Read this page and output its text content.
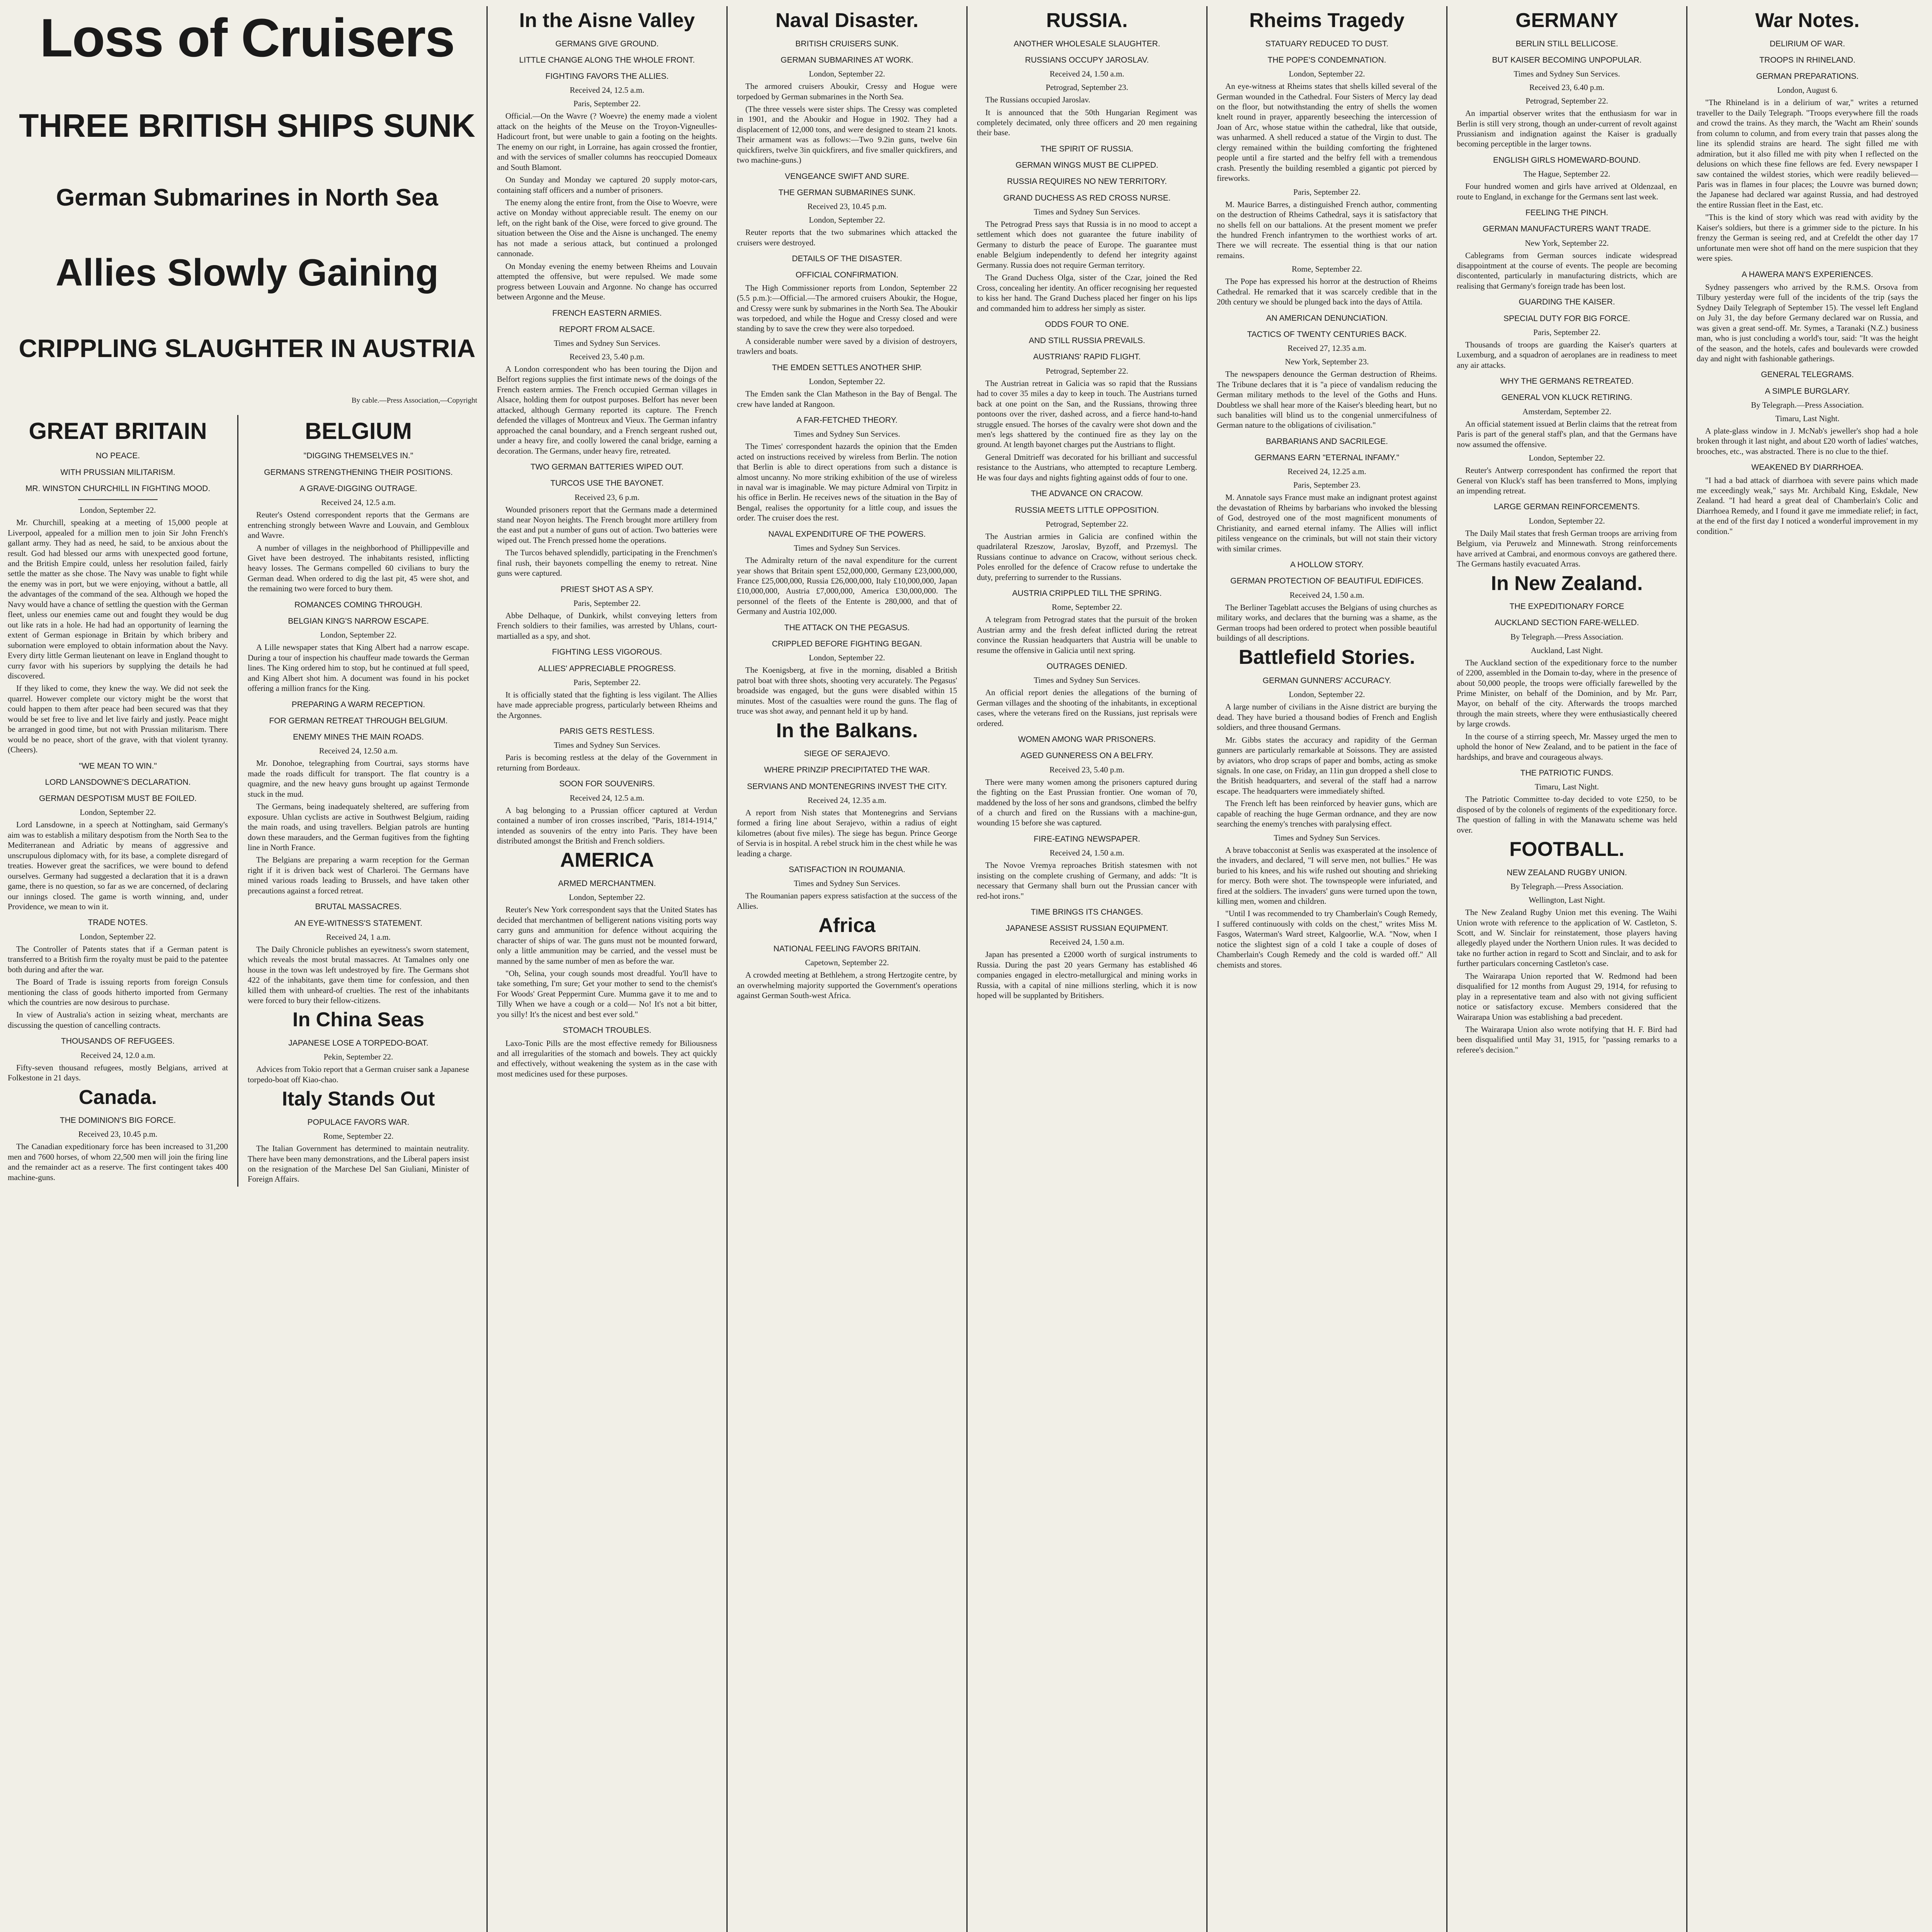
Loss of Cruisers
THREE BRITISH SHIPS SUNK
German Submarines in North Sea
Allies Slowly Gaining
CRIPPLING SLAUGHTER IN AUSTRIA
By cable.—Press Association,—Copyright
GREAT BRITAIN
NO PEACE.
WITH PRUSSIAN MILITARISM.
MR. WINSTON CHURCHILL IN FIGHTING MOOD.
London, September 22.

Mr. Churchill, speaking at a meeting of 15,000 people at Liverpool, appealed for a million men to join Sir John French's gallant army. They had as need, he said, to be anxious about the result. God had blessed our arms with unexpected good fortune, and the British Empire could, unless her resolution failed, fairly settle the matter as she chose. The Navy was unable to fight while the enemy was in port, but we were enjoying, without a battle, all the advantages of the command of the sea. Although we hoped the Navy would have a chance of settling the question with the German fleet, unless our enemies came out and fought they would be dug out like rats in a hole. He had had an opportunity of learning the extent of German espionage in Britain by which bribery and subornation were employed to obtain information about the Navy. Every dirty little German lieutenant on leave in England thought to curry favor with his superiors by supplying the details he had discovered.

If they liked to come, they knew the way. We did not seek the quarrel. However complete our victory might be the worst that could happen to them after peace had been secured was that they would be set free to live and let live fairly and justly. Peace might be arranged in good time, but not with Prussian militarism. There would be no peace, short of the grave, with that violent tyranny. (Cheers).

"WE MEAN TO WIN."
LORD LANSDOWNE'S DECLARATION.
GERMAN DESPOTISM MUST BE FOILED.
London, September 22.

Lord Lansdowne, in a speech at Nottingham, said Germany's aim was to establish a military despotism from the North Sea to the Mediterranean and Adriatic by means of aggressive and unscrupulous diplomacy with, for its base, a complete disregard of treaties. However great the sacrifices, we were bound to defend ourselves. Germany had suggested a declaration that it is a drawn game, there is no question, so far as we are concerned, of declaring our innings closed. The game is worth winning, and, under Providence, we mean to win it.

TRADE NOTES.
London, September 22.

The Controller of Patents states that if a German patent is transferred to a British firm the royalty must be paid to the patentee both during and after the war.

The Board of Trade is issuing reports from foreign Consuls mentioning the class of goods hitherto imported from Germany which the countries are now desirous to purchase.

In view of Australia's action in seizing wheat, merchants are discussing the question of cancelling contracts.

THOUSANDS OF REFUGEES.
Received 24, 12.0 a.m.

Fifty-seven thousand refugees, mostly Belgians, arrived at Folkestone in 21 days.

Canada.
THE DOMINION'S BIG FORCE.
Received 23, 10.45 p.m.

The Canadian expeditionary force has been increased to 31,200 men and 7600 horses, of whom 22,500 men will join the firing line and the remainder act as a reserve. The first contingent takes 400 machine-guns.

BELGIUM
"DIGGING THEMSELVES IN."
GERMANS STRENGTHENING THEIR POSITIONS.
A GRAVE-DIGGING OUTRAGE.
Received 24, 12.5 a.m.

Reuter's Ostend correspondent reports that the Germans are entrenching strongly between Wavre and Louvain, and Gembloux and Wavre.

A number of villages in the neighborhood of Phillippeville and Givet have been destroyed. The inhabitants resisted, inflicting heavy losses. The Germans compelled 60 civilians to bury the German dead. When ordered to dig the last pit, 45 were shot, and the remaining two were forced to bury them.

ROMANCES COMING THROUGH.
BELGIAN KING'S NARROW ESCAPE.
London, September 22.

A Lille newspaper states that King Albert had a narrow escape. During a tour of inspection his chauffeur made towards the German lines. The King ordered him to stop, but he continued at full speed, and King Albert shot him. A document was found in his pocket offering a million francs for the King.

PREPARING A WARM RECEPTION.
FOR GERMAN RETREAT THROUGH BELGIUM.
ENEMY MINES THE MAIN ROADS.
Received 24, 12.50 a.m.

Mr. Donohoe, telegraphing from Courtrai, says storms have made the roads difficult for transport. The flat country is a quagmire, and the new heavy guns brought up against Termonde stuck in the mud.

The Germans, being inadequately sheltered, are suffering from exposure. Uhlan cyclists are active in Southwest Belgium, raiding the main roads, and using travellers. Belgian patrols are hunting down these marauders, and the German fugitives from the fighting line in North France.

The Belgians are preparing a warm reception for the German right if it is driven back west of Charleroi. The Germans have mined various roads leading to Brussels, and have taken other precautions against a forced retreat.

BRUTAL MASSACRES.
AN EYE-WITNESS'S STATEMENT.
Received 24, 1 a.m.

The Daily Chronicle publishes an eyewitness's sworn statement, which reveals the most brutal massacres. At Tamalnes only one house in the town was left undestroyed by fire. The Germans shot 422 of the inhabitants, gave them time for confession, and then killed them with unheard-of cruelties. The rest of the inhabitants were forced to bury their fellow-citizens.

In China Seas
JAPANESE LOSE A TORPEDO-BOAT.
Pekin, September 22.

Advices from Tokio report that a German cruiser sank a Japanese torpedo-boat off Kiao-chao.

Italy Stands Out
POPULACE FAVORS WAR.
Rome, September 22.

The Italian Government has determined to maintain neutrality. There have been many demonstrations, and the Liberal papers insist on the resignation of the Marchese Del San Giuliani, Minister of Foreign Affairs.

In the Aisne Valley
GERMANS GIVE GROUND.
LITTLE CHANGE ALONG THE WHOLE FRONT.
FIGHTING FAVORS THE ALLIES.
Received 24, 12.5 a.m.
Paris, September 22.

Official.—On the Wavre (? Woevre) the enemy made a violent attack on the heights of the Meuse on the Troyon-Vigneulles-Hadicourt front, but were unable to gain a footing on the heights. The enemy on our right, in Lorraine, has again crossed the frontier, and with the services of smaller columns has reoccupied Domeaux and South Blamont.

On Sunday and Monday we captured 20 supply motor-cars, containing staff officers and a number of prisoners.

The enemy along the entire front, from the Oise to Woevre, were active on Monday without appreciable result. The enemy on our left, on the right bank of the Oise, were forced to give ground. The situation between the Oise and the Aisne is unchanged. The enemy has not made a serious attack, but continued a prolonged cannonade.

On Monday evening the enemy between Rheims and Louvain attempted the offensive, but were repulsed. We made some progress between Louvain and Argonne. No change has occurred between Argonne and the Meuse.

FRENCH EASTERN ARMIES.
REPORT FROM ALSACE.
Times and Sydney Sun Services.
Received 23, 5.40 p.m.

A London correspondent who has been touring the Dijon and Belfort regions supplies the first intimate news of the doings of the French eastern armies. The French occupied German villages in Alsace, holding them for outpost purposes. Belfort has never been attacked, although Germany reported its capture. The French defended the villages of Montreux and Vieux. The German infantry approached the canal boundary, and a French sergeant rushed out, under a heavy fire, and coolly lowered the canal bridge, earning a decoration. The Germans, under heavy fire, retreated.

TWO GERMAN BATTERIES WIPED OUT.
TURCOS USE THE BAYONET.
Received 23, 6 p.m.

Wounded prisoners report that the Germans made a determined stand near Noyon heights. The French brought more artillery from the east and put a number of guns out of action. Two batteries were wiped out. The French pressed home the operations.

The Turcos behaved splendidly, participating in the Frenchmen's final rush, their bayonets compelling the enemy to retreat. Nine guns were captured.

PRIEST SHOT AS A SPY.
Paris, September 22.

Abbe Delhaque, of Dunkirk, whilst conveying letters from French soldiers to their families, was arrested by Uhlans, court-martialled as a spy, and shot.

FIGHTING LESS VIGOROUS.
ALLIES' APPRECIABLE PROGRESS.
Paris, September 22.

It is officially stated that the fighting is less vigilant. The Allies have made appreciable progress, particularly between Rheims and the Argonnes.

PARIS GETS RESTLESS.
Times and Sydney Sun Services.

Paris is becoming restless at the delay of the Government in returning from Bordeaux.

SOON FOR SOUVENIRS.
Received 24, 12.5 a.m.

A bag belonging to a Prussian officer captured at Verdun contained a number of iron crosses inscribed, "Paris, 1814-1914," intended as souvenirs of the entry into Paris. They have been distributed amongst the British and French soldiers.

AMERICA
ARMED MERCHANTMEN.
London, September 22.

Reuter's New York correspondent says that the United States has decided that merchantmen of belligerent nations visiting ports way carry guns and ammunition for defence without acquiring the character of ships of war. The guns must not be mounted forward, only a little ammunition may be carried, and the vessel must be manned by the same number of men as before the war.

"Oh, Selina, your cough sounds most dreadful. You'll have to take something, I'm sure; Get your mother to send to the chemist's For Woods' Great Peppermint Cure. Mumma gave it to me and to Tilly When we have a cough or a cold— No! It's not a bit bitter, you silly! It's the nicest and best ever sold."

STOMACH TROUBLES.

Laxo-Tonic Pills are the most effective remedy for Biliousness and all irregularities of the stomach and bowels. They act quickly and effectively, without weakening the system as in the case with most medicines used for these purposes.

Naval Disaster.
BRITISH CRUISERS SUNK.
GERMAN SUBMARINES AT WORK.
London, September 22.

The armored cruisers Aboukir, Cressy and Hogue were torpedoed by German submarines in the North Sea.

(The three vessels were sister ships. The Cressy was completed in 1901, and the Aboukir and Hogue in 1902. They had a displacement of 12,000 tons, and were designed to steam 21 knots. Their armament was as follows:—Two 9.2in guns, twelve 6in quickfirers, twelve 3in quickfirers, and five smaller quickfirers, and two machine-guns.)

VENGEANCE SWIFT AND SURE.
THE GERMAN SUBMARINES SUNK.
Received 23, 10.45 p.m.
London, September 22.

Reuter reports that the two submarines which attacked the cruisers were destroyed.

DETAILS OF THE DISASTER.
OFFICIAL CONFIRMATION.

The High Commissioner reports from London, September 22 (5.5 p.m.):—Official.—The armored cruisers Aboukir, the Hogue, and Cressy were sunk by submarines in the North Sea. The Aboukir was torpedoed, and while the Hogue and Cressy closed and were standing by to save the crew they were also torpedoed.

A considerable number were saved by a division of destroyers, trawlers and boats.

THE EMDEN SETTLES ANOTHER SHIP.
London, September 22.

The Emden sank the Clan Matheson in the Bay of Bengal. The crew have landed at Rangoon.

A FAR-FETCHED THEORY.
Times and Sydney Sun Services.

The Times' correspondent hazards the opinion that the Emden acted on instructions received by wireless from Berlin. The notion that Berlin is able to direct operations from such a distance is almost uncanny. No more striking exhibition of the use of wireless in naval war is imaginable. We may picture Admiral von Tirpitz in his office in Berlin. He receives news of the situation in the Bay of Bengal, realises the opportunity for a little coup, and issues the order. The cruiser does the rest.

NAVAL EXPENDITURE OF THE POWERS.
Times and Sydney Sun Services.

The Admiralty return of the naval expenditure for the current year shows that Britain spent £52,000,000, Germany £23,000,000, France £25,000,000, Russia £26,000,000, Italy £10,000,000, Japan £10,000,000, Austria £7,000,000, America £30,000,000. The personnel of the fleets of the Entente is 280,000, and that of Germany and Austria 102,000.

THE ATTACK ON THE PEGASUS.
CRIPPLED BEFORE FIGHTING BEGAN.
London, September 22.

The Koenigsberg, at five in the morning, disabled a British patrol boat with three shots, shooting very accurately. The Pegasus' broadside was engaged, but the guns were disabled within 15 minutes. Most of the casualties were round the guns. The flag of truce was shot away, and pennant held it up by hand.

In the Balkans.
SIEGE OF SERAJEVO.
WHERE PRINZIP PRECIPITATED THE WAR.
SERVIANS AND MONTENEGRINS INVEST THE CITY.
Received 24, 12.35 a.m.

A report from Nish states that Montenegrins and Servians formed a firing line about Serajevo, within a radius of eight kilometres (about five miles). The siege has begun. Prince George of Servia is in hospital. A rebel struck him in the chest while he was leading a charge.

SATISFACTION IN ROUMANIA.
Times and Sydney Sun Services.

The Roumanian papers express satisfaction at the success of the Allies.

Africa
NATIONAL FEELING FAVORS BRITAIN.
Capetown, September 22.

A crowded meeting at Bethlehem, a strong Hertzogite centre, by an overwhelming majority supported the Government's operations against German South-west Africa.

RUSSIA.
ANOTHER WHOLESALE SLAUGHTER.
RUSSIANS OCCUPY JAROSLAV.
Received 24, 1.50 a.m.
Petrograd, September 23.

The Russians occupied Jaroslav.

It is announced that the 50th Hungarian Regiment was completely decimated, only three officers and 20 men regaining their base.

THE SPIRIT OF RUSSIA.
GERMAN WINGS MUST BE CLIPPED.
RUSSIA REQUIRES NO NEW TERRITORY.
GRAND DUCHESS AS RED CROSS NURSE.
Times and Sydney Sun Services.

The Petrograd Press says that Russia is in no mood to accept a settlement which does not guarantee the future inability of Germany to disturb the peace of Europe. The guarantee must enable Belgium independently to defend her integrity against Germany. Russia does not require German territory.

The Grand Duchess Olga, sister of the Czar, joined the Red Cross, concealing her identity. An officer recognising her requested to kiss her hand. The Grand Duchess placed her finger on his lips and commanded him to address her simply as sister.

ODDS FOUR TO ONE.
AND STILL RUSSIA PREVAILS.
AUSTRIANS' RAPID FLIGHT.
Petrograd, September 22.

The Austrian retreat in Galicia was so rapid that the Russians had to cover 35 miles a day to keep in touch. The Austrians turned back at one point on the San, and the Russians, throwing three pontoons over the river, dashed across, and a fierce hand-to-hand struggle ensued. The horses of the cavalry were shot down and the men's legs shattered by the continued fire as they lay on the ground. At length bayonet charges put the Austrians to flight.

General Dmitrieff was decorated for his brilliant and successful resistance to the Austrians, who attempted to recapture Lemberg. He was four days and nights fighting against odds of four to one.

THE ADVANCE ON CRACOW.
RUSSIA MEETS LITTLE OPPOSITION.
Petrograd, September 22.

The Austrian armies in Galicia are confined within the quadrilateral Rzeszow, Jaroslav, Byzoff, and Przemysl. The Russians continue to advance on Cracow, without serious check. Poles enrolled for the defence of Cracow refuse to undertake the duty, preferring to surrender to the Russians.

AUSTRIA CRIPPLED TILL THE SPRING.
Rome, September 22.

A telegram from Petrograd states that the pursuit of the broken Austrian army and the fresh defeat inflicted during the retreat convince the Russian headquarters that Austria will be unable to resume the offensive in Galicia until next spring.

OUTRAGES DENIED.
Times and Sydney Sun Services.

An official report denies the allegations of the burning of German villages and the shooting of the inhabitants, in exceptional cases, where the veterans fired on the Russians, just reprisals were ordered.

WOMEN AMONG WAR PRISONERS.
AGED GUNNERESS ON A BELFRY.
Received 23, 5.40 p.m.

There were many women among the prisoners captured during the fighting on the East Prussian frontier. One woman of 70, maddened by the loss of her sons and grandsons, climbed the belfry of a church and fired on the Russians with a machine-gun, wounding 15 before she was captured.

FIRE-EATING NEWSPAPER.
Received 24, 1.50 a.m.

The Novoe Vremya reproaches British statesmen with not insisting on the complete crushing of Germany, and adds: "It is necessary that Germany shall burn out the Prussian cancer with red-hot irons."

TIME BRINGS ITS CHANGES.
JAPANESE ASSIST RUSSIAN EQUIPMENT.
Received 24, 1.50 a.m.

Japan has presented a £2000 worth of surgical instruments to Russia. During the past 20 years Germany has established 46 companies engaged in electro-metallurgical and mining works in Russia, with a capital of nine millions sterling, which it is now hoped will be supplanted by Britishers.

Rheims Tragedy
STATUARY REDUCED TO DUST.
THE POPE'S CONDEMNATION.
London, September 22.

An eye-witness at Rheims states that shells killed several of the German wounded in the Cathedral. Four Sisters of Mercy lay dead on the floor, but notwithstanding the entry of shells the women knelt round in prayer, apparently beseeching the intercession of Joan of Arc, whose statue within the cathedral, like that outside, was unharmed. A shell reduced a statue of the Virgin to dust. The clergy remained within the building comforting the frightened people until a fire started and the belfry fell with a tremendous crash. Presently the building resembled a gigantic pot pierced by fireworks.

Paris, September 22.

M. Maurice Barres, a distinguished French author, commenting on the destruction of Rheims Cathedral, says it is satisfactory that no shells fell on our battalions. At the present moment we prefer the hundred French infantrymen to the worthiest works of art. There we will recreate. The essential thing is that our nation remains.

Rome, September 22.

The Pope has expressed his horror at the destruction of Rheims Cathedral. He remarked that it was scarcely credible that in the 20th century we should be plunged back into the days of Attila.

AN AMERICAN DENUNCIATION.
TACTICS OF TWENTY CENTURIES BACK.
Received 27, 12.35 a.m.
New York, September 23.

The newspapers denounce the German destruction of Rheims. The Tribune declares that it is "a piece of vandalism reducing the German military methods to the level of the Goths and Huns. Doubtless we shall hear more of the Kaiser's bleeding heart, but no such banalities will blind us to the congenial unmercifulness of German nature to the obligations of civilisation."

BARBARIANS AND SACRILEGE.
GERMANS EARN "ETERNAL INFAMY."
Received 24, 12.25 a.m.
Paris, September 23.

M. Annatole says France must make an indignant protest against the devastation of Rheims by barbarians who invoked the blessing of God, destroyed one of the most magnificent monuments of Christianity, and earned eternal infamy. The Allies will inflict pitiless vengeance on the criminals, but will not stain their victory with similar crimes.

A HOLLOW STORY.
GERMAN PROTECTION OF BEAUTIFUL EDIFICES.
Received 24, 1.50 a.m.

The Berliner Tageblatt accuses the Belgians of using churches as military works, and declares that the burning was a shame, as the German troops had been ordered to protect when possible beautiful buildings of all descriptions.

Battlefield Stories.
GERMAN GUNNERS' ACCURACY.
London, September 22.

A large number of civilians in the Aisne district are burying the dead. They have buried a thousand bodies of French and English soldiers, and three thousand Germans.

Mr. Gibbs states the accuracy and rapidity of the German gunners are particularly remarkable at Soissons. They are assisted by aviators, who drop scraps of paper and bombs, acting as smoke signals. In one case, on Friday, an 11in gun dropped a shell close to the British headquarters, and several of the staff had a narrow escape. The headquarters were immediately shifted.

The French left has been reinforced by heavier guns, which are capable of reaching the huge German ordnance, and they are now searching the enemy's trenches with paralysing effect.

Times and Sydney Sun Services.

A brave tobacconist at Senlis was exasperated at the insolence of the invaders, and declared, "I will serve men, not bullies." He was buried to his knees, and his wife rushed out shouting and shrieking for mercy. Both were shot. The townspeople were infuriated, and fired at the soldiers. The invaders' guns were turned upon the town, killing men, women and children.

"Until I was recommended to try Chamberlain's Cough Remedy, I suffered continuously with colds on the chest," writes Miss M. Fasgos, Waterman's Ward street, Kalgoorlie, W.A. "Now, when I notice the slightest sign of a cold I take a couple of doses of Chamberlain's Cough Remedy and the cold is warded off." All chemists and stores.

GERMANY
BERLIN STILL BELLICOSE.
BUT KAISER BECOMING UNPOPULAR.
Times and Sydney Sun Services.
Received 23, 6.40 p.m.
Petrograd, September 22.

An impartial observer writes that the enthusiasm for war in Berlin is still very strong, though an under-current of revolt against Prussianism and indignation against the Kaiser is gradually becoming perceptible in the larger towns.

ENGLISH GIRLS HOMEWARD-BOUND.
The Hague, September 22.

Four hundred women and girls have arrived at Oldenzaal, en route to England, in exchange for the Germans sent last week.

FEELING THE PINCH.
GERMAN MANUFACTURERS WANT TRADE.
New York, September 22.

Cablegrams from German sources indicate widespread disappointment at the course of events. The people are becoming discontented, particularly in manufacturing districts, which are realising that Germany's foreign trade has been lost.

GUARDING THE KAISER.
SPECIAL DUTY FOR BIG FORCE.
Paris, September 22.

Thousands of troops are guarding the Kaiser's quarters at Luxemburg, and a squadron of aeroplanes are in readiness to meet any air attacks.

WHY THE GERMANS RETREATED.
GENERAL VON KLUCK RETIRING.
Amsterdam, September 22.

An official statement issued at Berlin claims that the retreat from Paris is part of the general staff's plan, and that the Germans have now assumed the offensive.

London, September 22.

Reuter's Antwerp correspondent has confirmed the report that General von Kluck's staff has been transferred to Mons, implying an impending retreat.

LARGE GERMAN REINFORCEMENTS.
London, September 22.

The Daily Mail states that fresh German troops are arriving from Belgium, via Peruwelz and Minnewath. Strong reinforcements have arrived at Cambrai, and enormous convoys are gathered there. The Germans hastily evacuated Arras.

In New Zealand.
THE EXPEDITIONARY FORCE
AUCKLAND SECTION FARE-WELLED.
By Telegraph.—Press Association.
Auckland, Last Night.

The Auckland section of the expeditionary force to the number of 2200, assembled in the Domain to-day, where in the presence of about 50,000 people, the troops were officially farewelled by the Prime Minister, on behalf of the Dominion, and by Mr. Parr, Mayor, on behalf of the city. Afterwards the troops marched through the main streets, where they were enthusiastically cheered by large crowds.

In the course of a stirring speech, Mr. Massey urged the men to uphold the honor of New Zealand, and to be patient in the face of hardships, and brave and courageous always.

THE PATRIOTIC FUNDS.
Timaru, Last Night.

The Patriotic Committee to-day decided to vote £250, to be disposed of by the colonels of regiments of the expeditionary force. The question of falling in with the Manawatu scheme was held over.

FOOTBALL.
NEW ZEALAND RUGBY UNION.
By Telegraph.—Press Association.
Wellington, Last Night.

The New Zealand Rugby Union met this evening. The Waihi Union wrote with reference to the application of W. Castleton, S. Scott, and W. Sinclair for reinstatement, those players having allegedly played under the Northern Union rules. It was decided to take no further action in regard to Scott and Sinclair, and to ask for further particulars concerning Castleton's case.

The Wairarapa Union reported that W. Redmond had been disqualified for 12 months from August 29, 1914, for refusing to play in a representative team and also with not giving sufficient notice or satisfactory excuse. Members considered that the Wairarapa Union was establishing a bad precedent.

The Wairarapa Union also wrote notifying that H. F. Bird had been disqualified until May 31, 1915, for "passing remarks to a referee's decision."

War Notes.
DELIRIUM OF WAR.
TROOPS IN RHINELAND.
GERMAN PREPARATIONS.
London, August 6.

"The Rhineland is in a delirium of war," writes a returned traveller to the Daily Telegraph. "Troops everywhere fill the roads and crowd the trains. As they march, the 'Wacht am Rhein' sounds from column to column, and from every train that passes along the line its splendid strains are heard. The sight filled me with admiration, but it also filled me with pity when I reflected on the delusions on which these fine fellows are fed. Every newspaper I saw contained the wildest stories, which were readily believed—Paris was in flames in four places; the Louvre was burned down; the Japanese had declared war against Russia, and had destroyed the entire Russian fleet in the East, etc.

"This is the kind of story which was read with avidity by the Kaiser's soldiers, but there is a grimmer side to the picture. In his frenzy the German is seeing red, and at Crefeldt the other day 17 unfortunate men were shot off hand on the mere suspicion that they were spies.

A HAWERA MAN'S EXPERIENCES.

Sydney passengers who arrived by the R.M.S. Orsova from Tilbury yesterday were full of the incidents of the trip (says the Sydney Daily Telegraph of September 15). The vessel left England on July 31, the day before Germany declared war on Russia, and was given a great send-off. Mr. Symes, a Taranaki (N.Z.) business man, who is just concluding a world's tour, said: "It was the height of the season, and the hotels, cafes and boulevards were crowded day and night with fashionable gatherings.

GENERAL TELEGRAMS.
A SIMPLE BURGLARY.
By Telegraph.—Press Association.
Timaru, Last Night.

A plate-glass window in J. McNab's jeweller's shop had a hole broken through it last night, and about £20 worth of ladies' watches, brooches, etc., was abstracted. There is no clue to the thief.

WEAKENED BY DIARRHOEA.

"I had a bad attack of diarrhoea with severe pains which made me exceedingly weak," says Mr. Archibald King, Eskdale, New Zealand. "I had heard a great deal of Chamberlain's Colic and Diarrhoea Remedy, and I found it gave me immediate relief; in fact, at the end of the first day I noticed a wonderful improvement in my condition."
